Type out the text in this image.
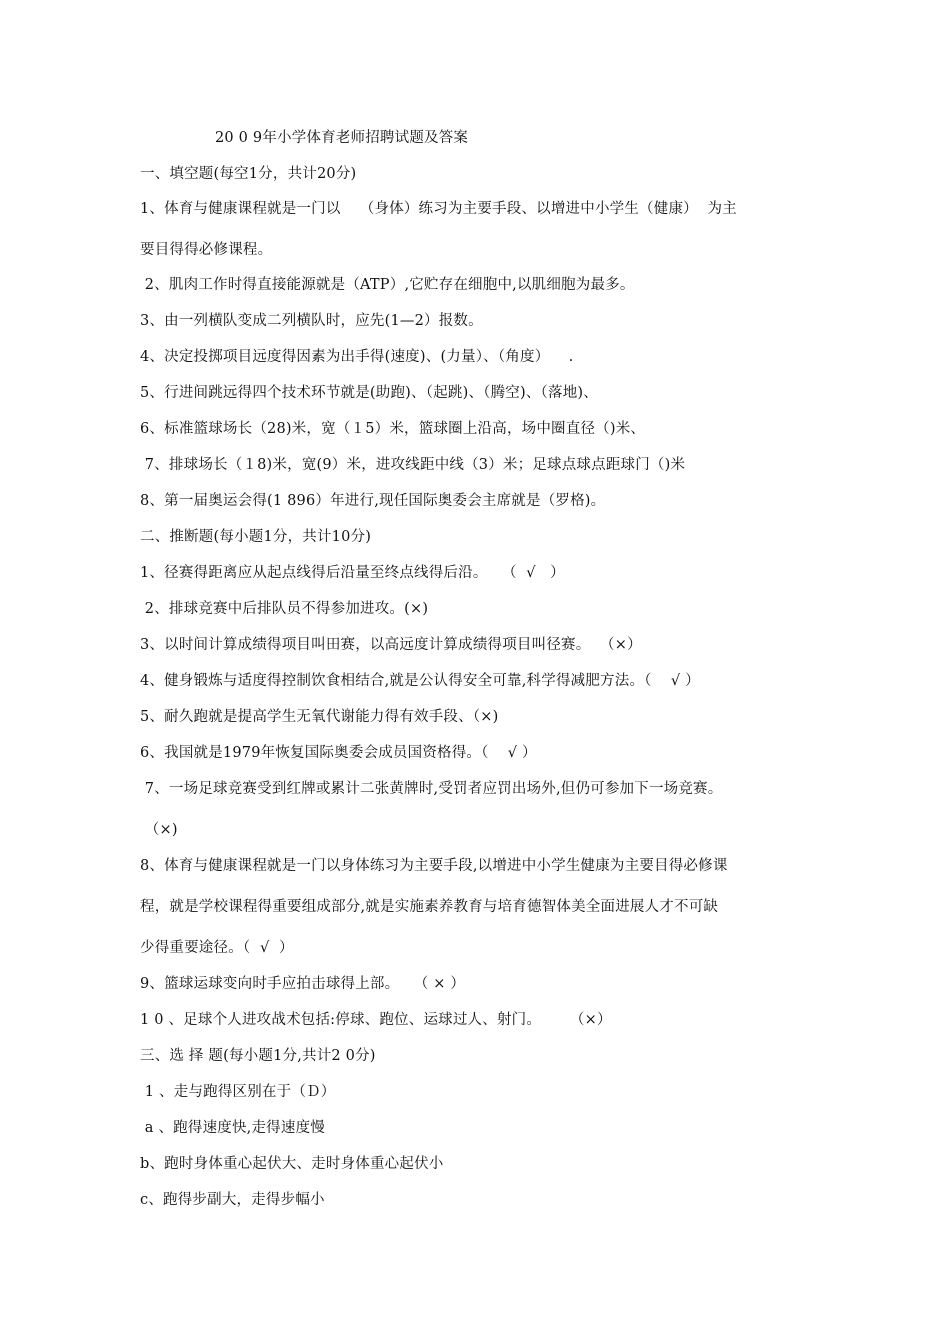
20 0 9年小学体育老师招聘试题及答案
一、填空题(每空1分，共计20分)
1、体育与健康课程就是一门以    （身体）练习为主要手段、以增进中小学生（健康）  为主
要目得得必修课程。
2、肌肉工作时得直接能源就是（ATP）,它贮存在细胞中,以肌细胞为最多。
3、由一列横队变成二列横队时，应先(1—2）报数。
4、决定投掷项目远度得因素为出手得(速度)、(力量）、（角度）    .
5、行进间跳远得四个技术环节就是(助跑)、（起跳)、（腾空)、（落地)、
6、标准篮球场长（28)米，宽（１5）米，篮球圈上沿高，场中圈直径（)米、
7、排球场长（１8)米，宽(9）米，进攻线距中线（3）米；足球点球点距球门（)米
8、第一届奥运会得(1 896）年进行,现任国际奥委会主席就是（罗格)。
二、推断题(每小题1分，共计10分)
1、径赛得距离应从起点线得后沿量至终点线得后沿。   （  √   ）
2、排球竞赛中后排队员不得参加进攻。(×)
3、以时间计算成绩得项目叫田赛，以高远度计算成绩得项目叫径赛。  （×）
4、健身锻炼与适度得控制饮食相结合,就是公认得安全可靠,科学得减肥方法。（    √ ）
5、耐久跑就是提高学生无氧代谢能力得有效手段、（×)
6、我国就是1979年恢复国际奥委会成员国资格得。（    √ ）
7、一场足球竞赛受到红牌或累计二张黄牌时,受罚者应罚出场外,但仍可参加下一场竞赛。
（×)
8、体育与健康课程就是一门以身体练习为主要手段,以增进中小学生健康为主要目得必修课
程，就是学校课程得重要组成部分,就是实施素养教育与培育德智体美全面进展人才不可缺
少得重要途径。（  √  ）
9、篮球运球变向时手应拍击球得上部。   （ × ）
1 0 、足球个人进攻战术包括:停球、跑位、运球过人、射门。      （×）
三、选 择 题(每小题1分,共计2 0分)
1 、走与跑得区别在于（Ｄ）
a 、跑得速度快,走得速度慢
b、跑时身体重心起伏大、走时身体重心起伏小
c、跑得步副大，走得步幅小
